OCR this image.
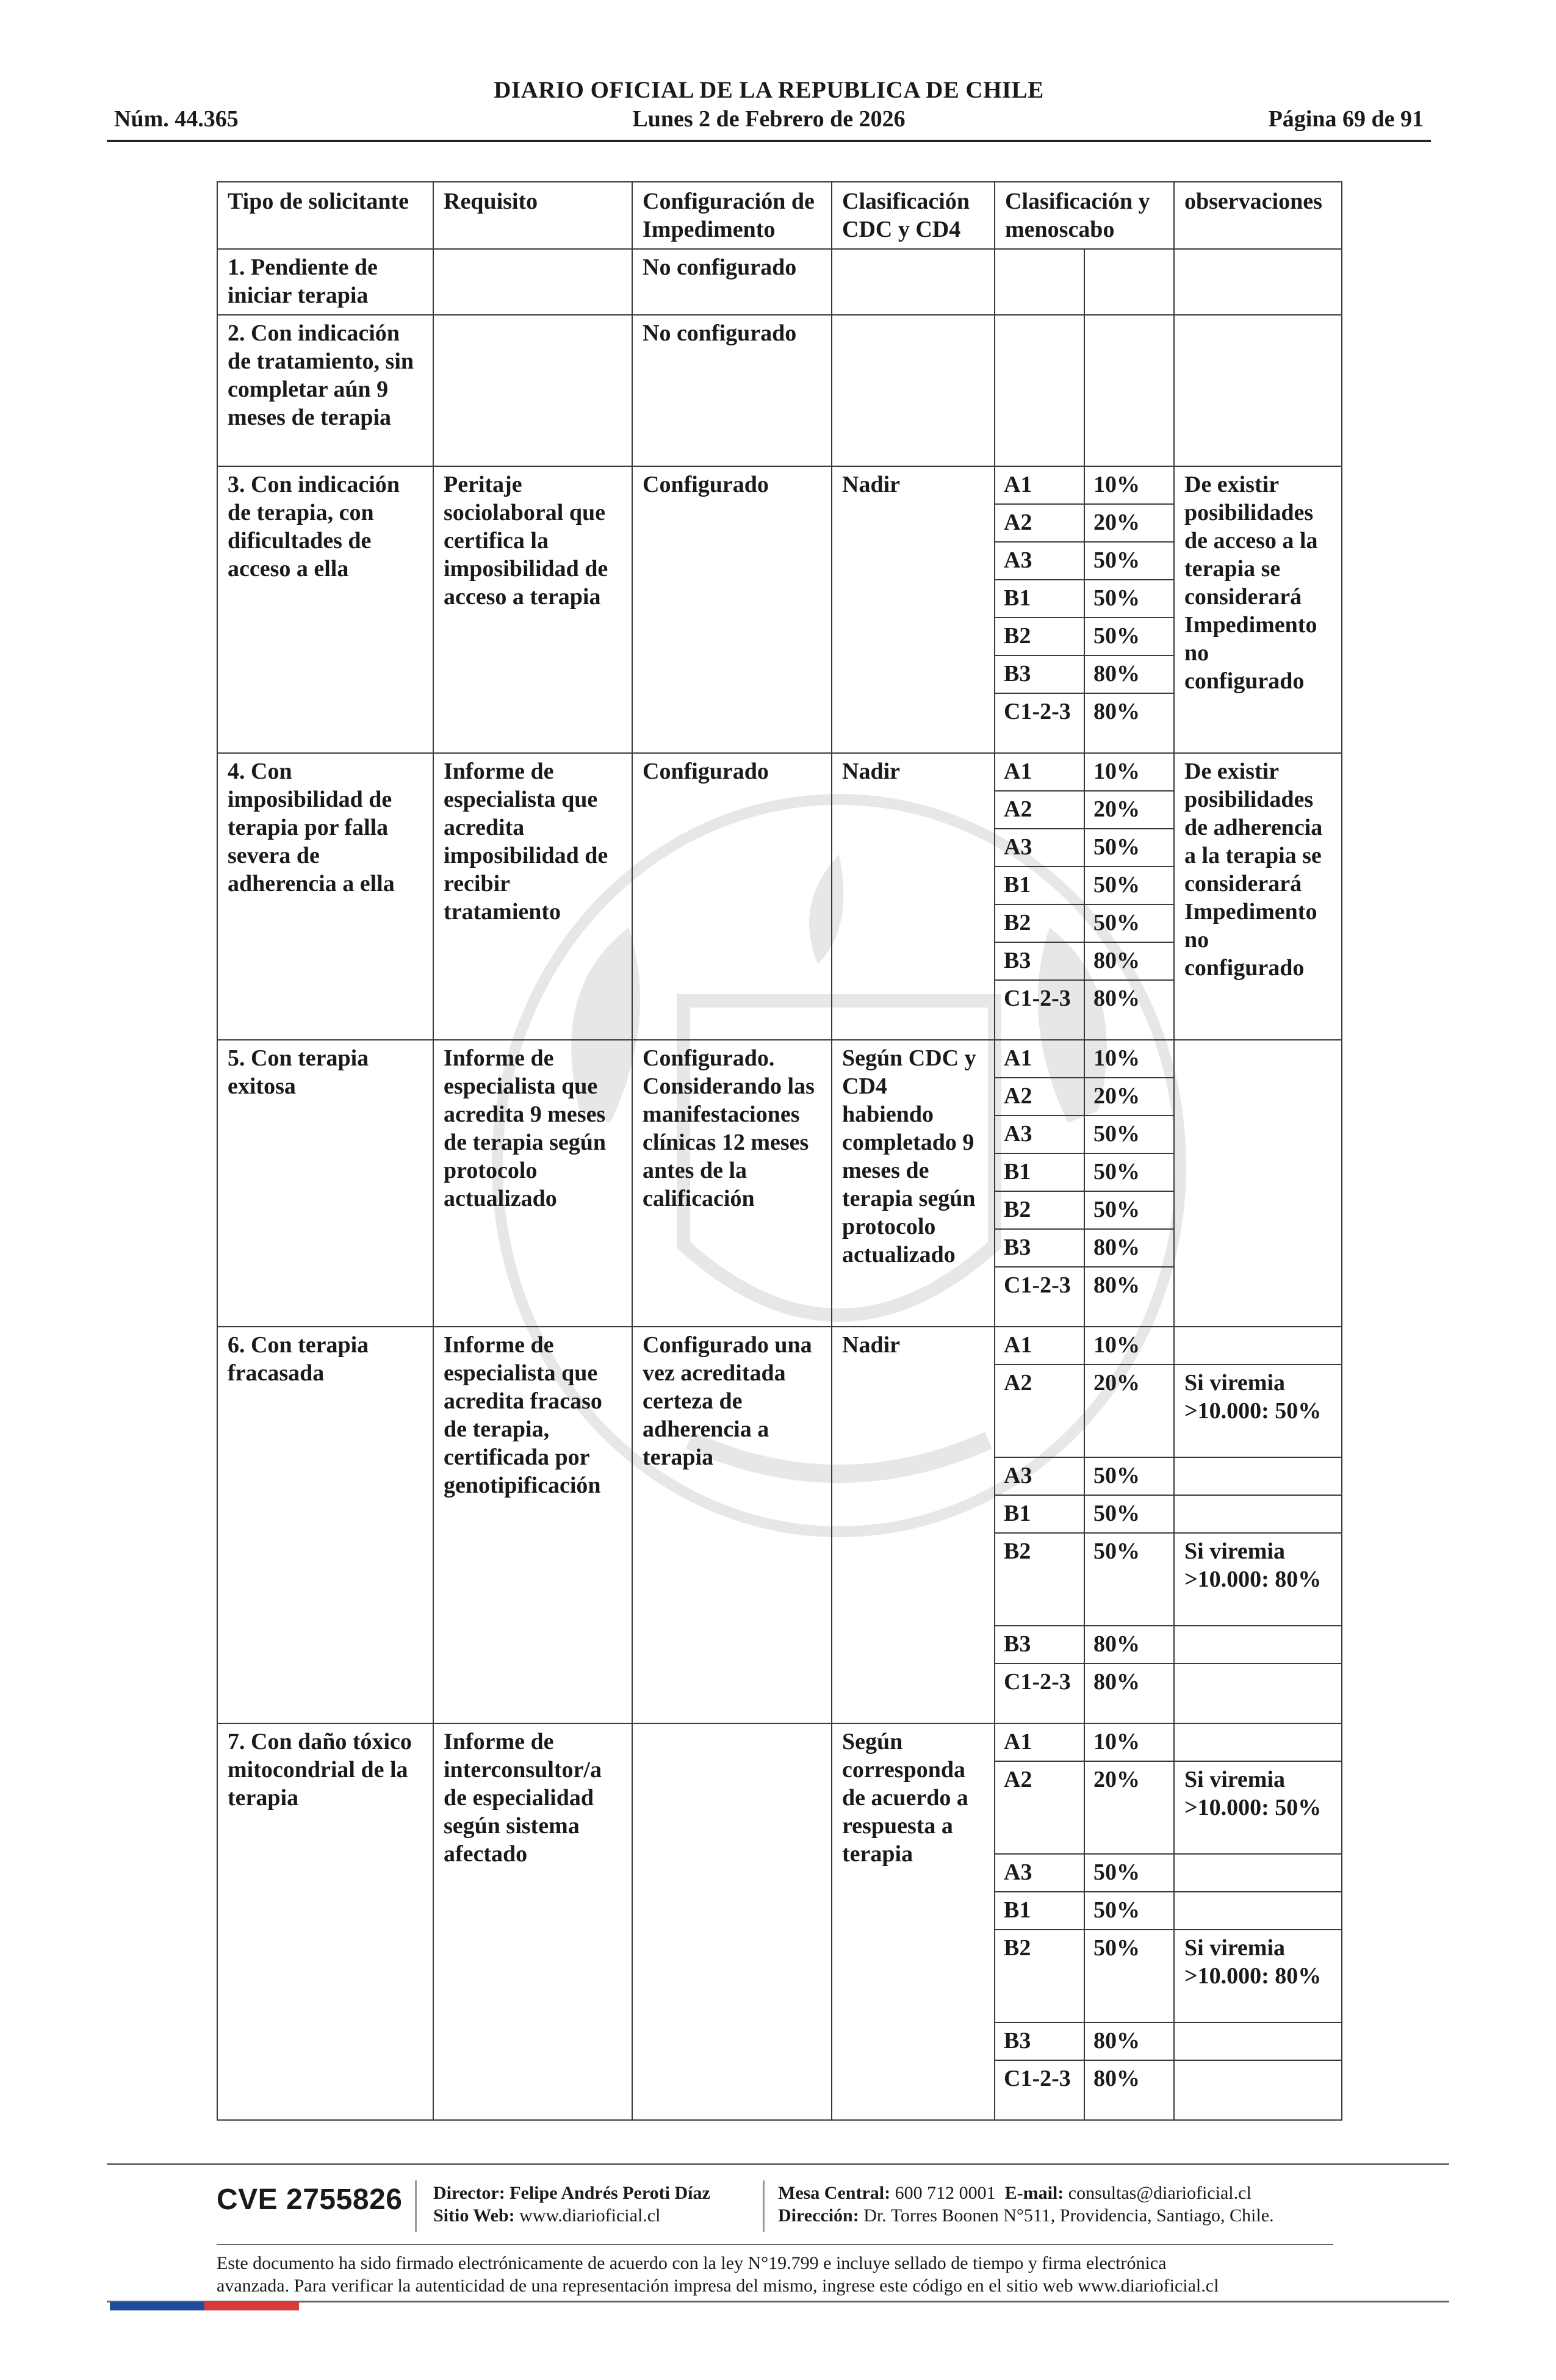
DIARIO OFICIAL DE LA REPUBLICA DE CHILE
Núm. 44.365	Lunes 2 de Febrero de 2026	Página 69 de 91
Tipo de solicitante	Requisito	Configuración de Impedimento	Clasificación CDC y CD4	Clasificación y menoscabo		observaciones
1. Pendiente de iniciar terapia		No configurado				
2. Con indicación de tratamiento, sin completar aún 9 meses de terapia		No configurado				
3. Con indicación de terapia, con dificultades de acceso a ella	Peritaje sociolaboral que certifica la imposibilidad de acceso a terapia	Configurado	Nadir	A1	10%	De existir posibilidades de acceso a la terapia se considerará Impedimento no configurado
				A2	20%	
				A3	50%	
				B1	50%	
				B2	50%	
				B3	80%	
				C1-2-3	80%	
4. Con imposibilidad de terapia por falla severa de adherencia a ella	Informe de especialista que acredita imposibilidad de recibir tratamiento	Configurado	Nadir	A1	10%	De existir posibilidades de adherencia a la terapia se considerará Impedimento no configurado
				A2	20%	
				A3	50%	
				B1	50%	
				B2	50%	
				B3	80%	
				C1-2-3	80%	
5. Con terapia exitosa	Informe de especialista que acredita 9 meses de terapia según protocolo actualizado	Configurado. Considerando las manifestaciones clínicas 12 meses antes de la calificación	Según CDC y CD4 habiendo completado 9 meses de terapia según protocolo actualizado	A1	10%	
				A2	20%	
				A3	50%	
				B1	50%	
				B2	50%	
				B3	80%	
				C1-2-3	80%	
6. Con terapia fracasada	Informe de especialista que acredita fracaso de terapia, certificada por genotipificación	Configurado una vez acreditada certeza de adherencia a terapia	Nadir	A1	10%	
				A2	20%	Si viremia >10.000: 50%
				A3	50%	
				B1	50%	
				B2	50%	Si viremia >10.000: 80%
				B3	80%	
				C1-2-3	80%	
7. Con daño tóxico mitocondrial de la terapia	Informe de interconsultor/a de especialidad según sistema afectado		Según corresponda de acuerdo a respuesta a terapia	A1	10%	
				A2	20%	Si viremia >10.000: 50%
				A3	50%	
				B1	50%	
				B2	50%	Si viremia >10.000: 80%
				B3	80%	
				C1-2-3	80%	
CVE 2755826 Director: Felipe Andrés Peroti Díaz
Sitio Web: www.diarioficial.cl
Mesa Central: 600 712 0001 E-mail: consultas@diarioficial.cl
Dirección: Dr. Torres Boonen N°511, Providencia, Santiago, Chile.
Este documento ha sido firmado electrónicamente de acuerdo con la ley N°19.799 e incluye sellado de tiempo y firma electrónica
avanzada. Para verificar la autenticidad de una representación impresa del mismo, ingrese este código en el sitio web www.diarioficial.cl
